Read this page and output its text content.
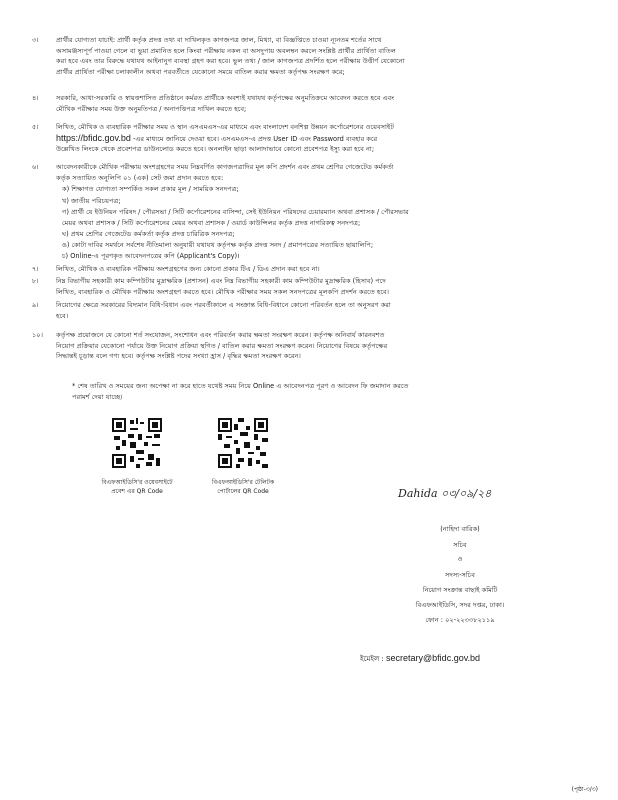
৩।	প্রার্থীর যোগ্যতা যাচাই: প্রার্থী কর্তৃক প্রদত্ত তথ্য বা দাখিলকৃত কাগজপত্র জাল, মিথ্যা, বা বিজ্ঞপ্তিতে চাওয়া ন্যূনতম শর্তের সাথে
অসামঞ্জস্যপূর্ণ পাওয়া গেলে বা ভুয়া প্রমানিত হলে কিংবা পরীক্ষায় নকল বা অসদুপায় অবলম্বন করলে সংশ্লিষ্ট প্রার্থীর প্রার্থিতা বাতিল
করা হবে এবং তার বিরুদ্ধে যথাযথ আইনানুগ ব্যবস্থা গ্রহণ করা হবে। ভুল তথ্য / জাল কাগজপত্র প্রদর্শিত হলে পরীক্ষায় উত্তীর্ণ যেকোনো
প্রার্থীর প্রার্থিতা পরীক্ষা চলাকালীন অথবা পরবর্তীতে যেকোনো সময়ে বাতিল করার ক্ষমতা কর্তৃপক্ষ সংরক্ষণ করে;
৪।	সরকারি, আধা-সরকারি ও স্বায়ত্তশাসিত প্রতিষ্ঠানে কর্মরত প্রার্থীকে অবশ্যই যথাযথ কর্তৃপক্ষের অনুমতিক্রমে আবেদন করতে হবে এবং
মৌখিক পরীক্ষার সময় উক্ত অনুমতিপত্র / অনাপত্তিপত্র দাখিল করতে হবে;
৫।	লিখিত, মৌখিক ও ব্যবহারিক পরীক্ষার সময় ও স্থান এসএমএস-এর মাধ্যমে এবং বাংলাদেশ বনশিল্প উন্নয়ন কর্পোরেশনের ওয়েবসাইট
https://bfidc.gov.bd -এর মাধ্যমে জানিয়ে দেওয়া হবে। এসএমএস-এ প্রদত্ত User ID এবং Password ব্যবহার করে
উল্লেখিত লিংকে থেকে প্রবেশপত্র ডাউনলোড করতে হবে। অনলাইন ছাড়া আলাদাভাবে কোনো প্রবেশপত্র ইস্যু করা হবে না;
৬।	আবেদনকারীকে মৌখিক পরীক্ষায় অংশগ্রহণের সময় নিম্নবর্ণিত কাগজপত্রাদির মূল কপি প্রদর্শন এবং প্রথম শ্রেণির গেজেটেড কর্মকর্তা
কর্তৃক সত্যায়িত অনুলিপি ০১ (এক) সেট জমা প্রদান করতে হবে:
ক) শিক্ষাগত যোগ্যতা সম্পর্কিত সকল প্রকার মূল / সাময়িক সনদপত্র;
খ) জাতীয় পরিচয়পত্র;
গ) প্রার্থী যে ইউনিয়ন পরিষদ / পৌরসভা / সিটি কর্পোরেশনের বাসিন্দা, সেই ইউনিয়ন পরিষদের চেয়ারম্যান অথবা প্রশাসক / পৌরসভার
মেয়র অথবা প্রশাসক / সিটি কর্পোরেশনের মেয়র অথবা প্রশাসক / ওয়ার্ড কাউন্সিলর কর্তৃক প্রদত্ত নাগরিকত্ব সনদপত্র;
ঘ) প্রথম শ্রেণির গেজেটেড কর্মকর্তা কর্তৃক প্রদত্ত চারিত্রিক সনদপত্র;
ঙ) কোটা দাবির সমর্থনে সর্বশেষ নীতিমালা অনুযায়ী যথাযথ কর্তৃপক্ষ কর্তৃক প্রদত্ত সনদ / প্রমাণপত্রের সত্যায়িত ছায়ালিপি;
চ) Online-এ পূরণকৃত আবেদনপত্রের কপি (Applicant's Copy)।
৭।	লিখিত, মৌখিক ও ব্যবহারিক পরীক্ষায় অংশগ্রহণের জন্য কোনো প্রকার টিএ / ডিএ প্রদান করা হবে না।
৮।	নিম্ন বিভাগীয় সহকারী কাম কম্পিউটার মুদ্রাক্ষরিক (প্রশাসন) এবং নিম্ন বিভাগীয় সহকারী কাম কম্পিউটার মুদ্রাক্ষরিক (হিসাব) পদে
লিখিত, ব্যবহারিক ও মৌখিক পরীক্ষায় অংশগ্রহণ করতে হবে। মৌখিক পরীক্ষার সময় সকল সনদপত্রের মূলকপি প্রদর্শন করতে হবে।
৯।	নিয়োগের ক্ষেত্রে সরকারের বিদ্যমান বিধি-বিধান এবং পরবর্তীকালে এ সংক্রান্ত বিধি-বিধানে কোনো পরিবর্তন হলে তা অনুসরণ করা
হবে।
১০।	কর্তৃপক্ষ প্রয়োজনে যে কোনো শর্ত সংযোজন, সংশোধন এবং পরিবর্তন করার ক্ষমতা সংরক্ষণ করেন। কর্তৃপক্ষ অনিবার্য কারনবশত
নিয়োগ প্রক্রিয়ার যেকোনো পর্যায়ে উক্ত নিয়োগ প্রক্রিয়া স্থগিত / বাতিল করার ক্ষমতা সংরক্ষণ করেন। নিয়োগের বিষয়ে কর্তৃপক্ষের
সিদ্ধান্তই চূড়ান্ত বলে গণ্য হবে। কর্তৃপক্ষ সংশ্লিষ্ট পদের সংখ্যা হ্রাস / বৃদ্ধির ক্ষমতা সংরক্ষণ করেন।
* শেষ তারিখ ও সময়ের জন্য অপেক্ষা না করে হাতে যথেষ্ট সময় নিয়ে Online এ আবেদনপত্র পূরণ ও আবেদন ফি জমাদান করতে
পরামর্শ দেয়া যাচ্ছে।
বিএফআইডিসি'র ওয়েবসাইটে
প্রবেশ এর QR Code
বিএফআইডিসি'র টেলিটক
পোর্টালের QR Code	Dahida ০৩/০৯/২৪
(নাহিদা বারিক)
সচিব
ও
সদস্য-সচিব
নিয়োগ সংক্রান্ত বাছাই কমিটি
বিএফআইডিসি, সদর দপ্তর, ঢাকা।
ফোন : ০২-২২৩৩৮২১১৯
ইমেইল : secretary@bfidc.gov.bd
(পৃষ্ঠা-৩/৩)
